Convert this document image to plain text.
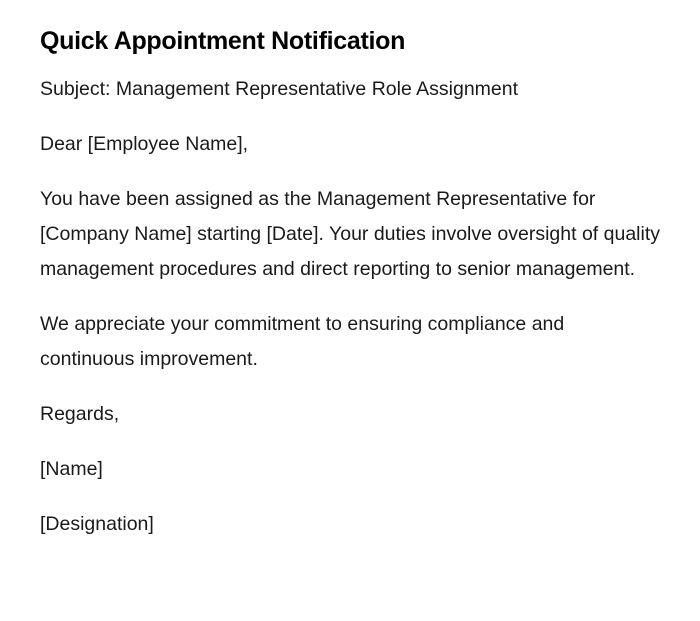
Quick Appointment Notification

Subject: Management Representative Role Assignment

Dear [Employee Name],

You have been assigned as the Management Representative for [Company Name] starting [Date]. Your duties involve oversight of quality management procedures and direct reporting to senior management.

We appreciate your commitment to ensuring compliance and continuous improvement.

Regards,

[Name]

[Designation]
